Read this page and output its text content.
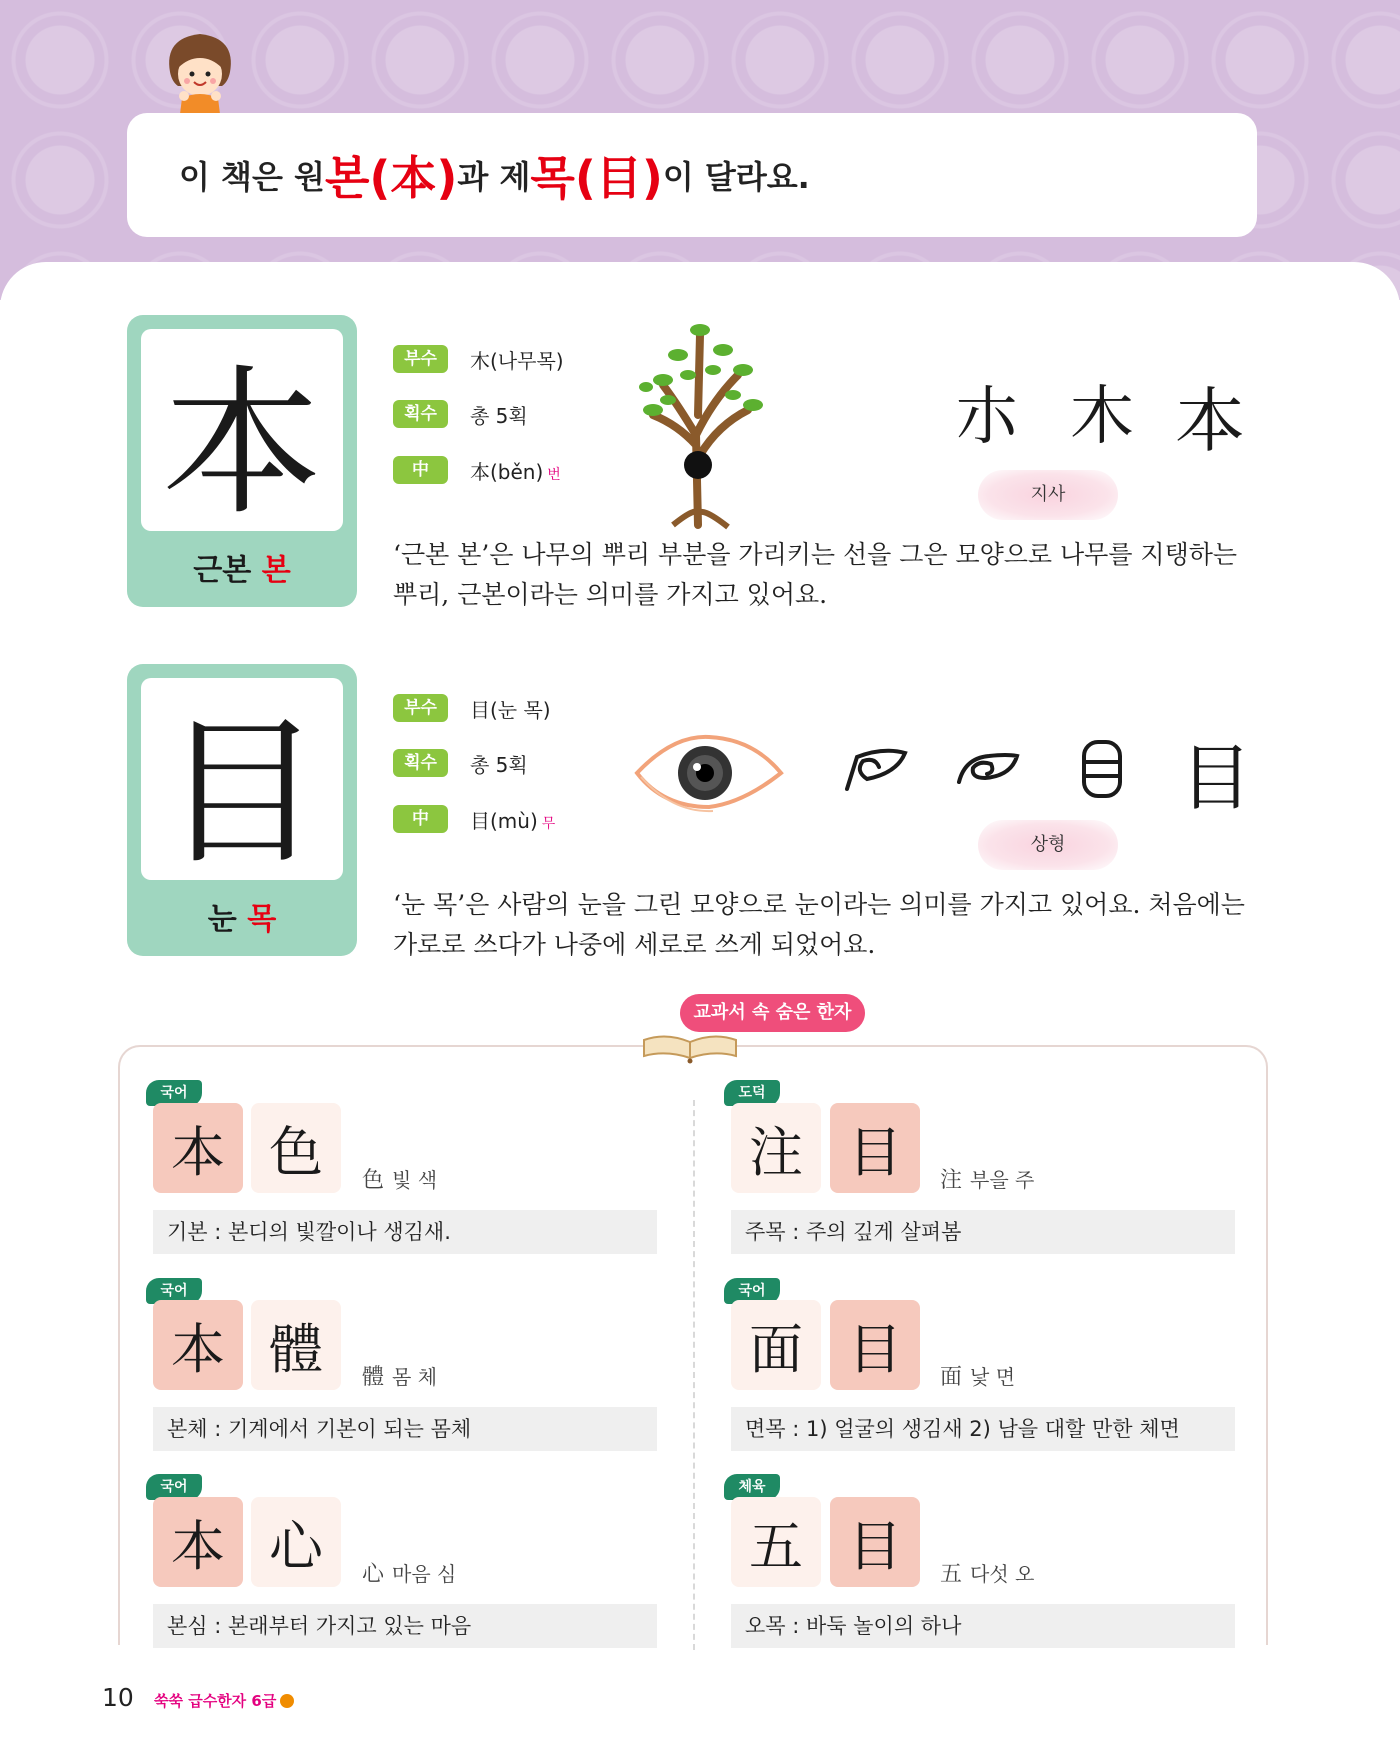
이 책은 원 본(本) 과 제 목(目) 이 달라요.
本
근본 본
부수	木(나무목)
획수	총 5획
中	本(běn) 번
朩 木 本
지사
‘근본 본’은 나무의 뿌리 부분을 가리키는 선을 그은 모양으로 나무를 지탱하는 뿌리, 근본이라는 의미를 가지고 있어요.
目
눈 목
부수	目(눈 목)
획수	총 5획
中	目(mù) 무
目
상형
‘눈 목’은 사람의 눈을 그린 모양으로 눈이라는 의미를 가지고 있어요. 처음에는 가로로 쓰다가 나중에 세로로 쓰게 되었어요.
교과서 속 숨은 한자
국어
本 色	色 빛 색
기본 : 본디의 빛깔이나 생김새.
국어
本 體	體 몸 체
본체 : 기계에서 기본이 되는 몸체
국어
本 心	心 마음 심
본심 : 본래부터 가지고 있는 마음
도덕
注 目	注 부을 주
주목 : 주의 깊게 살펴봄
국어
面 目	面 낯 면
면목 : 1) 얼굴의 생김새 2) 남을 대할 만한 체면
체육
五 目	五 다섯 오
오목 : 바둑 놀이의 하나
10 쑥쑥 급수한자 6급
